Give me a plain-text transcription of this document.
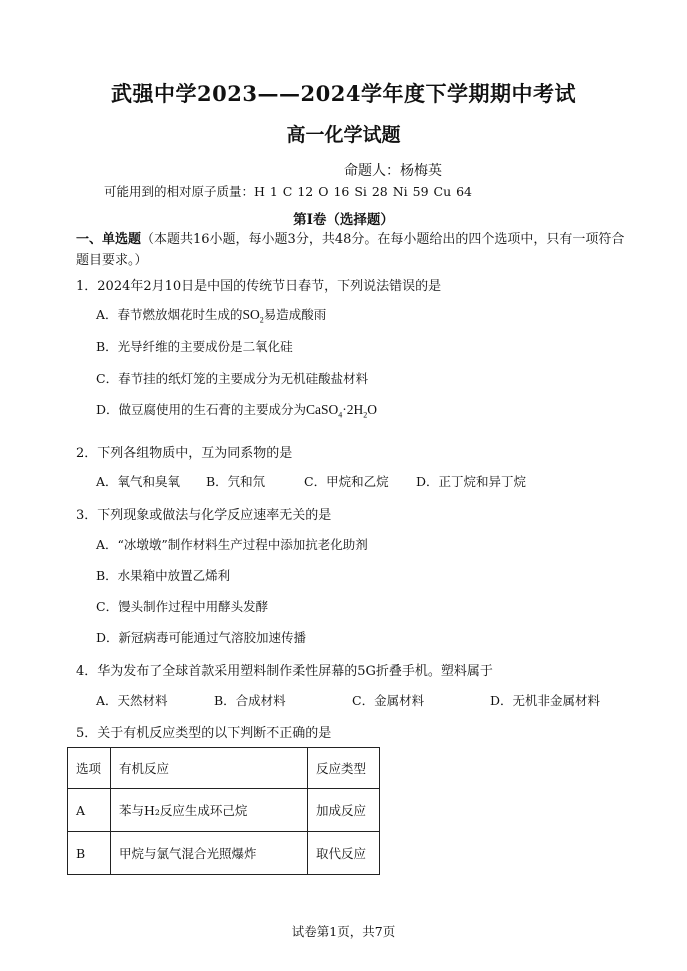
武强中学2023——2024学年度下学期期中考试
高一化学试题
命题人：杨梅英
可能用到的相对原子质量：H 1 C 12 O 16 Si 28 Ni 59 Cu 64
第Ⅰ卷（选择题）
一、单选题（本题共16小题，每小题3分，共48分。在每小题给出的四个选项中，只有一项符合题目要求。）
1．2024年2月10日是中国的传统节日春节，下列说法错误的是
A．春节燃放烟花时生成的$SO_2$易造成酸雨
B．光导纤维的主要成份是二氧化硅
C．春节挂的纸灯笼的主要成分为无机硅酸盐材料
D．做豆腐使用的生石膏的主要成分为$CaSO_4\cdot 2H_2O$
2．下列各组物质中，互为同系物的是
A．氧气和臭氧 B．氕和氘	C．甲烷和乙烷 D．正丁烷和异丁烷
3．下列现象或做法与化学反应速率无关的是
A．“冰墩墩”制作材料生产过程中添加抗老化助剂
B．水果箱中放置乙烯利
C．馒头制作过程中用酵头发酵
D．新冠病毒可能通过气溶胶加速传播
4．华为发布了全球首款采用塑料制作柔性屏幕的5G折叠手机。塑料属于
A．天然材料	B．合成材料	C．金属材料	D．无机非金属材料
5．关于有机反应类型的以下判断不正确的是
选项	有机反应	反应类型
A	苯与H₂反应生成环己烷	加成反应
B	甲烷与氯气混合光照爆炸	取代反应
试卷第1页，共7页
